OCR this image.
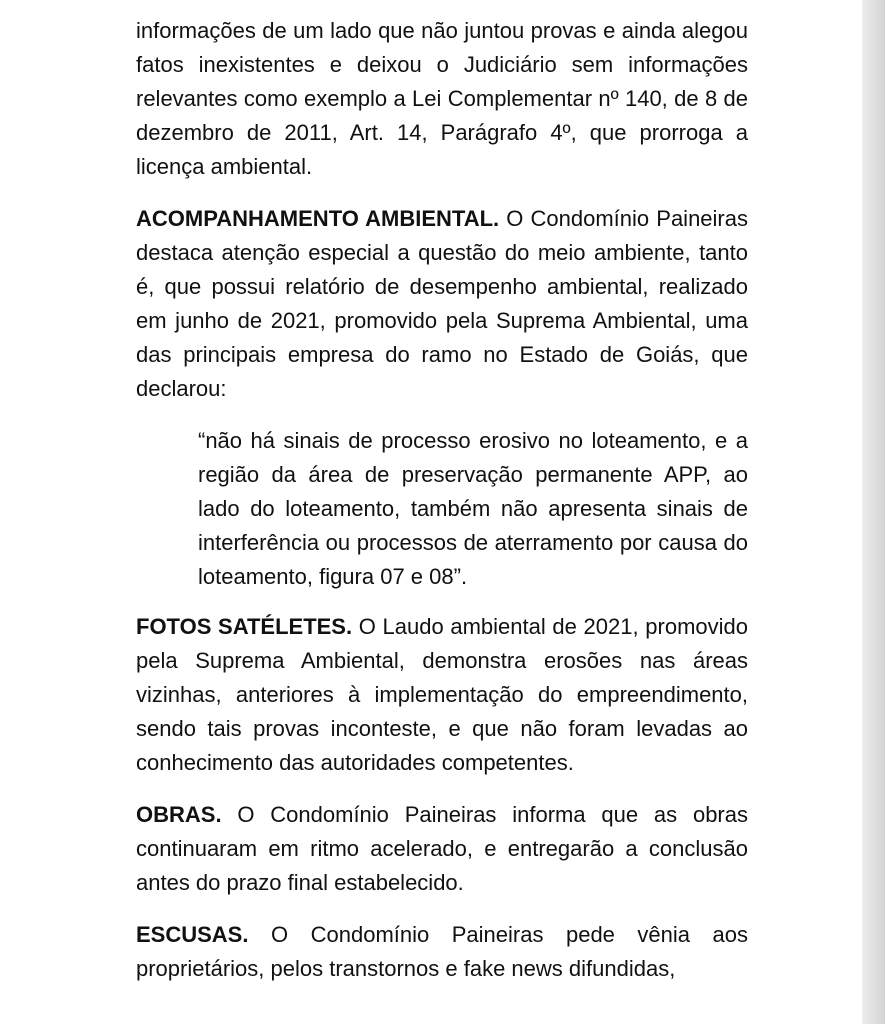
informações de um lado que não juntou provas e ainda alegou fatos inexistentes e deixou o Judiciário sem informações relevantes como exemplo a Lei Complementar nº 140, de 8 de dezembro de 2011, Art. 14, Parágrafo 4º, que prorroga a licença ambiental.

ACOMPANHAMENTO AMBIENTAL. O Condomínio Paineiras destaca atenção especial a questão do meio ambiente, tanto é, que possui relatório de desempenho ambiental, realizado em junho de 2021, promovido pela Suprema Ambiental, uma das principais empresa do ramo no Estado de Goiás, que declarou:

“não há sinais de processo erosivo no loteamento, e a região da área de preservação permanente APP, ao lado do loteamento, também não apresenta sinais de interferência ou processos de aterramento por causa do loteamento, figura 07 e 08”.

FOTOS SATÉLETES. O Laudo ambiental de 2021, promovido pela Suprema Ambiental, demonstra erosões nas áreas vizinhas, anteriores à implementação do empreendimento, sendo tais provas inconteste, e que não foram levadas ao conhecimento das autoridades competentes.

OBRAS. O Condomínio Paineiras informa que as obras continuaram em ritmo acelerado, e entregarão a conclusão antes do prazo final estabelecido.

ESCUSAS. O Condomínio Paineiras pede vênia aos proprietários, pelos transtornos e fake news difundidas,
